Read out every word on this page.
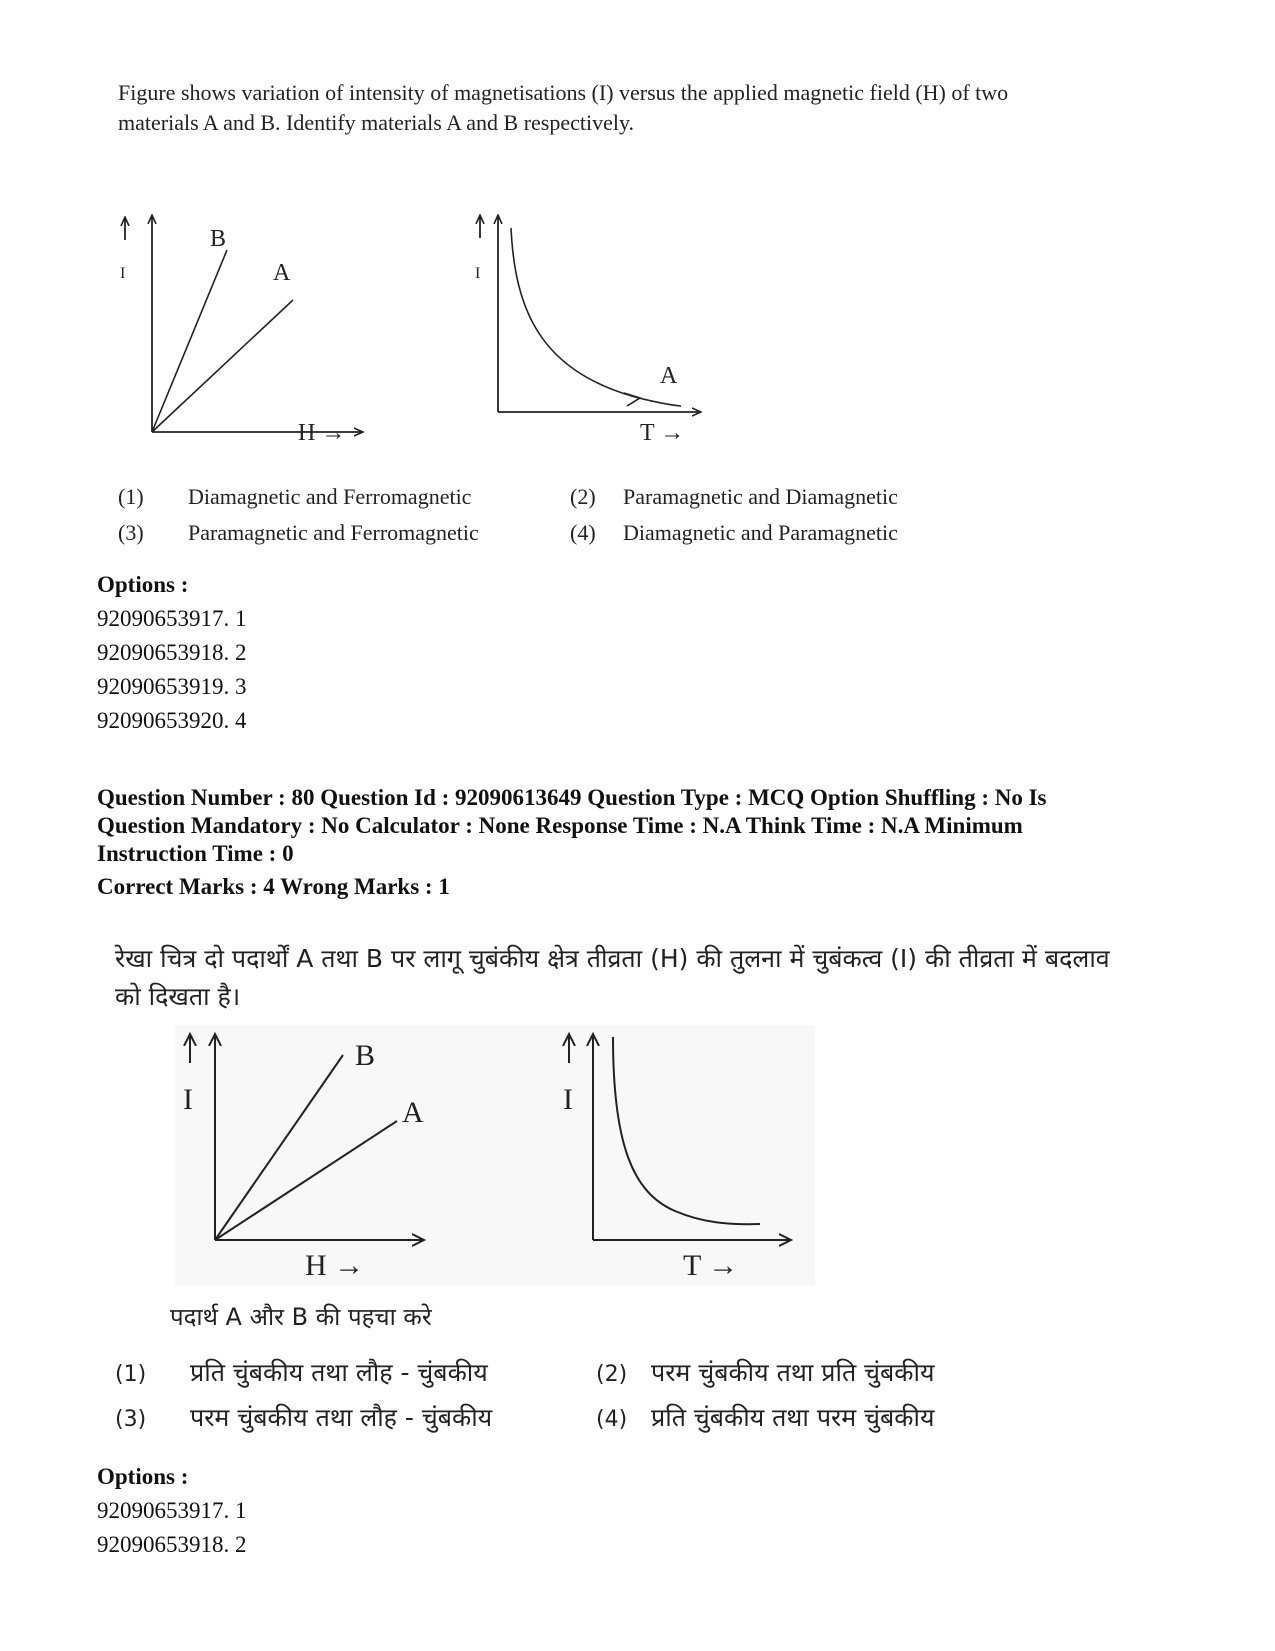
Figure shows variation of intensity of magnetisations (I) versus the applied magnetic field (H) of two materials A and B. Identify materials A and B respectively.
I
B
A
H →
I
A
T →
(1) Diamagnetic and Ferromagnetic	(2) Paramagnetic and Diamagnetic
(3) Paramagnetic and Ferromagnetic	(4) Diamagnetic and Paramagnetic
Options :
92090653917. 1
92090653918. 2
92090653919. 3
92090653920. 4
Question Number : 80 Question Id : 92090613649 Question Type : MCQ Option Shuffling : No Is
Question Mandatory : No Calculator : None Response Time : N.A Think Time : N.A Minimum
Instruction Time : 0
Correct Marks : 4 Wrong Marks : 1
रेखा चित्र दो पदार्थों A तथा B पर लागू चुबंकीय क्षेत्र तीव्रता (H) की तुलना में चुबंकत्व (I) की तीव्रता में बदलाव को दिखता है।
I
B
A
H →
I
T →
पदार्थ A और B की पहचा करे
(1) प्रति चुंबकीय तथा लौह - चुंबकीय	(2) परम चुंबकीय तथा प्रति चुंबकीय
(3) परम चुंबकीय तथा लौह - चुंबकीय	(4) प्रति चुंबकीय तथा परम चुंबकीय
Options :
92090653917. 1
92090653918. 2
